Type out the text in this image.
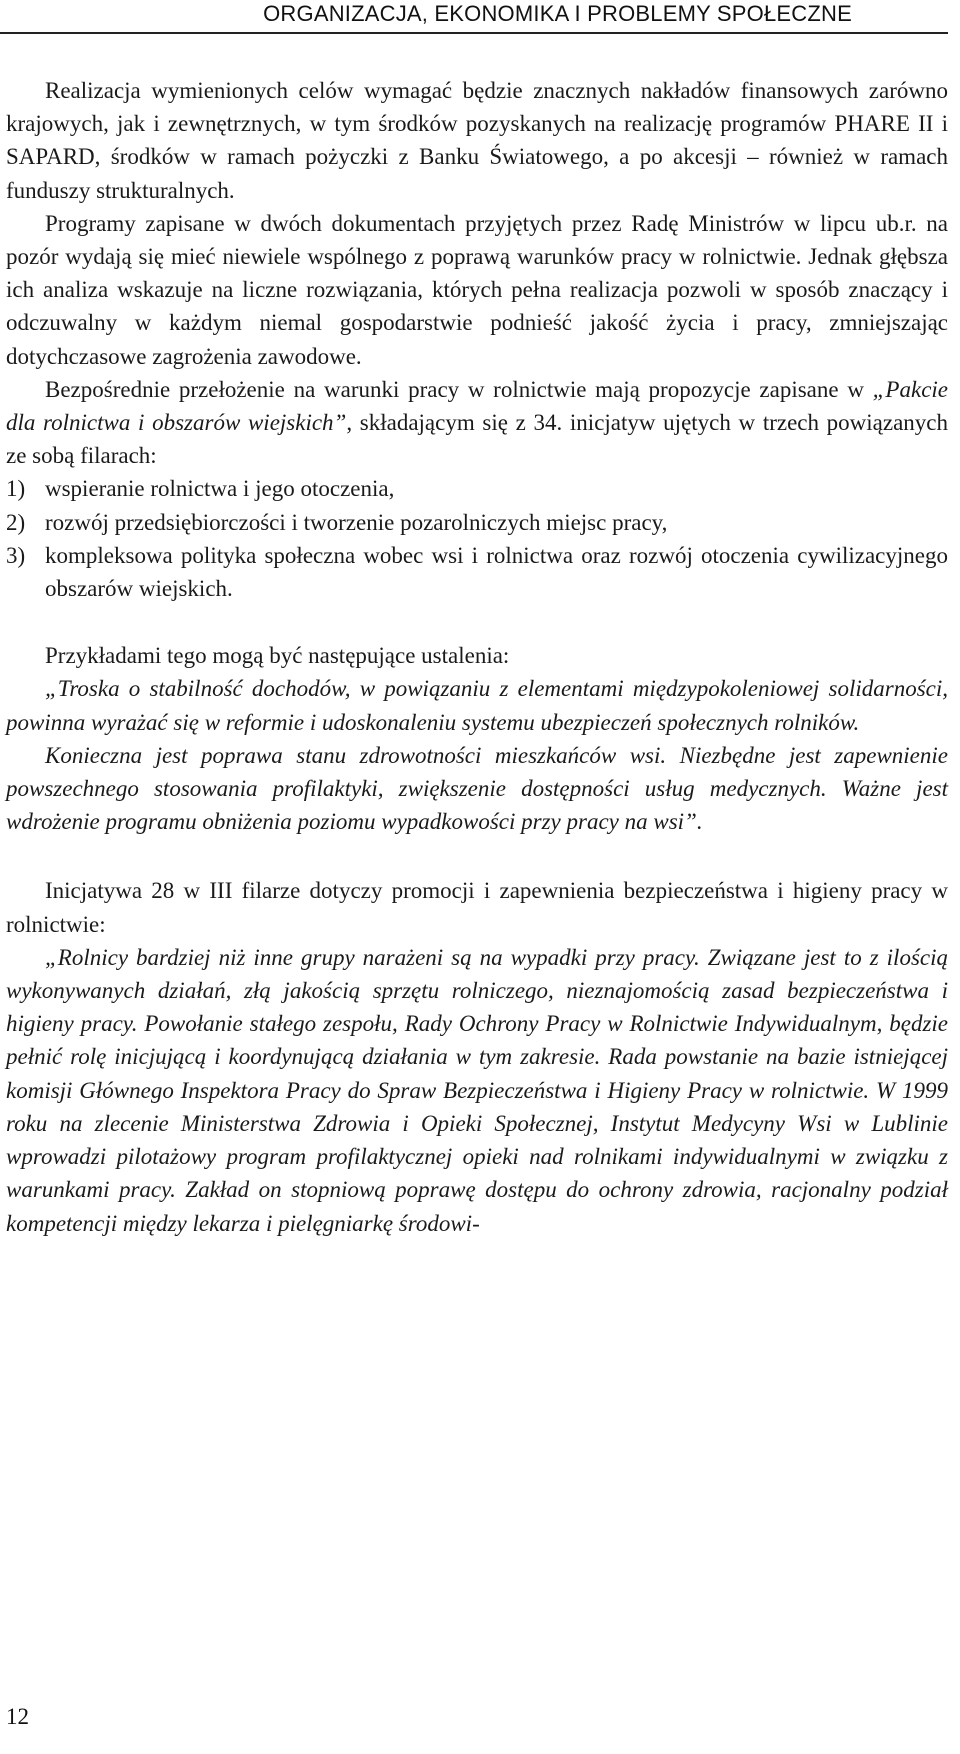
ORGANIZACJA, EKONOMIKA I PROBLEMY SPOŁECZNE

Realizacja wymienionych celów wymagać będzie znacznych nakładów finansowych zarówno krajowych, jak i zewnętrznych, w tym środków pozyskanych na realizację programów PHARE II i SAPARD, środków w ramach pożyczki z Banku Światowego, a po akcesji – również w ramach funduszy strukturalnych.

Programy zapisane w dwóch dokumentach przyjętych przez Radę Ministrów w lipcu ub.r. na pozór wydają się mieć niewiele wspólnego z poprawą warunków pracy w rolnictwie. Jednak głębsza ich analiza wskazuje na liczne rozwiązania, których pełna realizacja pozwoli w sposób znaczący i odczuwalny w każdym niemal gospodarstwie podnieść jakość życia i pracy, zmniejszając dotychczasowe zagrożenia zawodowe.

Bezpośrednie przełożenie na warunki pracy w rolnictwie mają propozycje zapisane w „Pakcie dla rolnictwa i obszarów wiejskich”, składającym się z 34. inicjatyw ujętych w trzech powiązanych ze sobą filarach:

1) wspieranie rolnictwa i jego otoczenia,
2) rozwój przedsiębiorczości i tworzenie pozarolniczych miejsc pracy,
3) kompleksowa polityka społeczna wobec wsi i rolnictwa oraz rozwój otoczenia cywilizacyjnego obszarów wiejskich.

Przykładami tego mogą być następujące ustalenia:

„Troska o stabilność dochodów, w powiązaniu z elementami międzypokoleniowej solidarności, powinna wyrażać się w reformie i udoskonaleniu systemu ubezpieczeń społecznych rolników.

Konieczna jest poprawa stanu zdrowotności mieszkańców wsi. Niezbędne jest zapewnienie powszechnego stosowania profilaktyki, zwiększenie dostępności usług medycznych. Ważne jest wdrożenie programu obniżenia poziomu wypadkowości przy pracy na wsi”.

Inicjatywa 28 w III filarze dotyczy promocji i zapewnienia bezpieczeństwa i higieny pracy w rolnictwie:

„Rolnicy bardziej niż inne grupy narażeni są na wypadki przy pracy. Związane jest to z ilością wykonywanych działań, złą jakością sprzętu rolniczego, nieznajomością zasad bezpieczeństwa i higieny pracy. Powołanie stałego zespołu, Rady Ochrony Pracy w Rolnictwie Indywidualnym, będzie pełnić rolę inicjującą i koordynującą działania w tym zakresie. Rada powstanie na bazie istniejącej komisji Głównego Inspektora Pracy do Spraw Bezpieczeństwa i Higieny Pracy w rolnictwie. W 1999 roku na zlecenie Ministerstwa Zdrowia i Opieki Społecznej, Instytut Medycyny Wsi w Lublinie wprowadzi pilotażowy program profilaktycznej opieki nad rolnikami indywidualnymi w związku z warunkami pracy. Zakład on stopniową poprawę dostępu do ochrony zdrowia, racjonalny podział kompetencji między lekarza i pielęgniarkę środowi-

12
